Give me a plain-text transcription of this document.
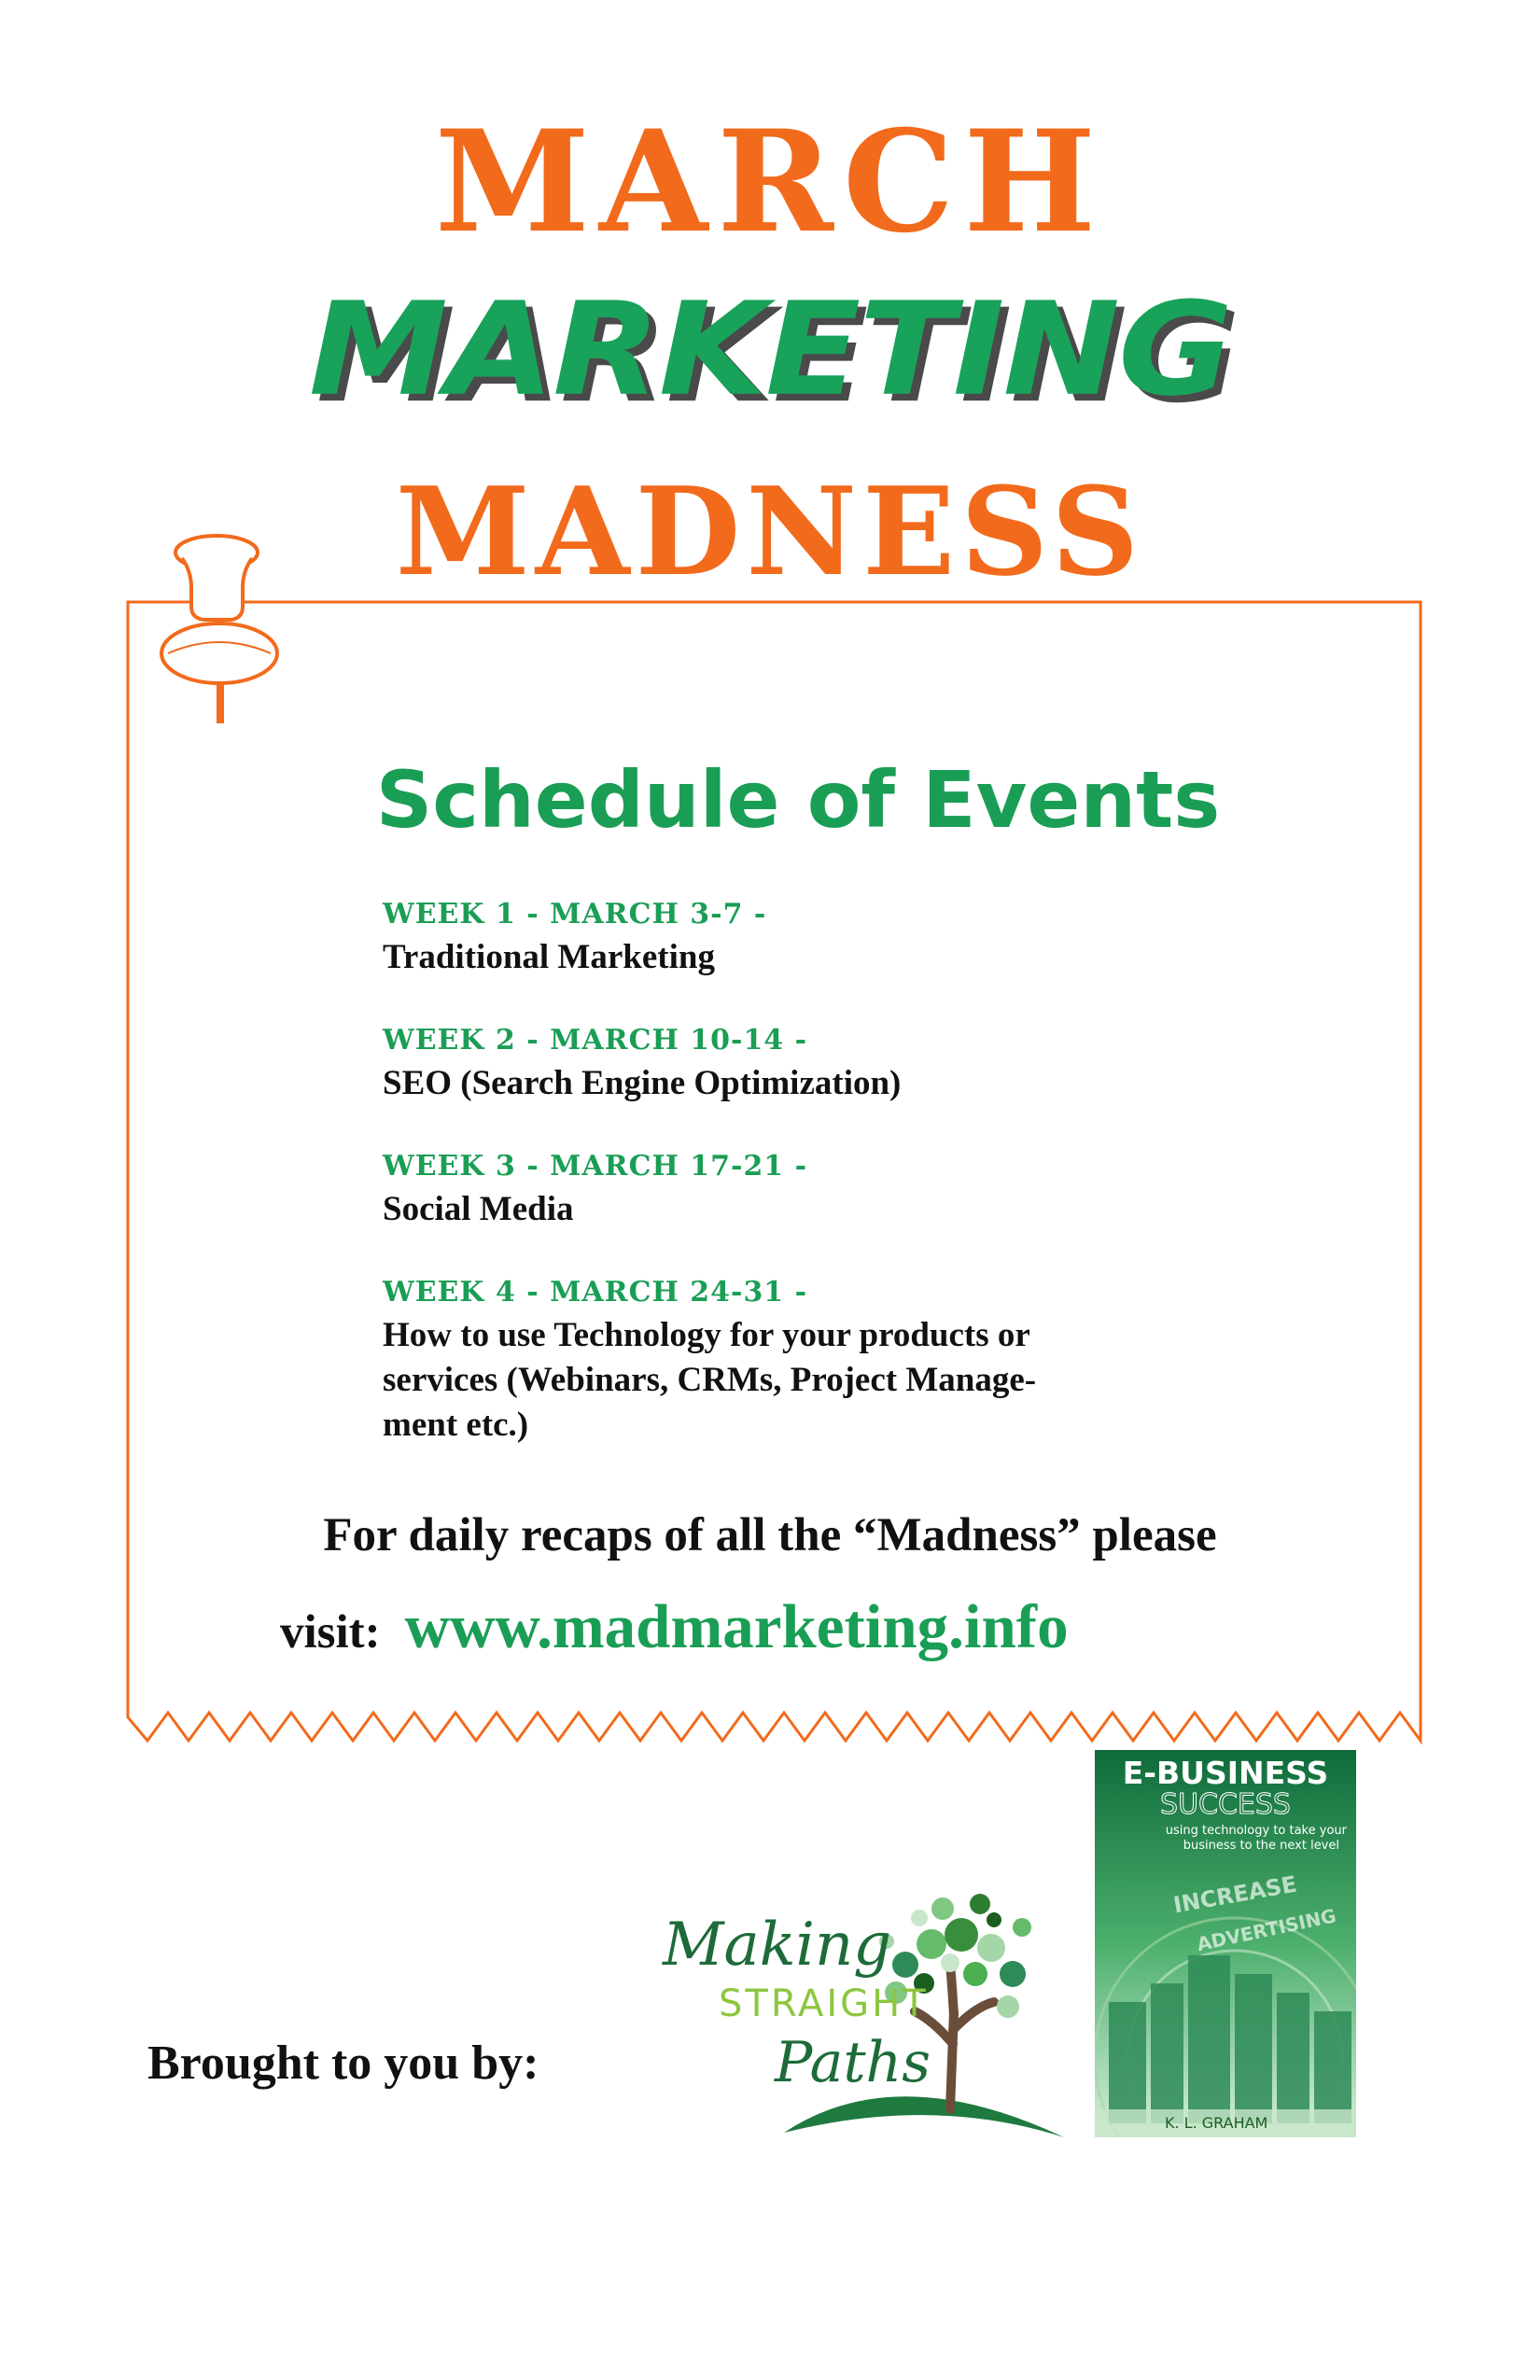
MARCH
MARKETING
MADNESS
Schedule of Events
WEEK 1 - MARCH 3-7 -
Traditional Marketing
WEEK 2 - MARCH 10-14 -
SEO (Search Engine Optimization)
WEEK 3 - MARCH 17-21 -
Social Media
WEEK 4 - MARCH 24-31 -
How to use Technology for your products or
services (Webinars, CRMs, Project Manage-
ment etc.)
For daily recaps of all the “Madness” please
visit: www.madmarketing.info
Brought to you by:
Making
STRAIGHT
Paths
E-BUSINESS
SUCCESS
using technology to take your
business to the next level
INCREASE
ADVERTISING
K. L. GRAHAM
